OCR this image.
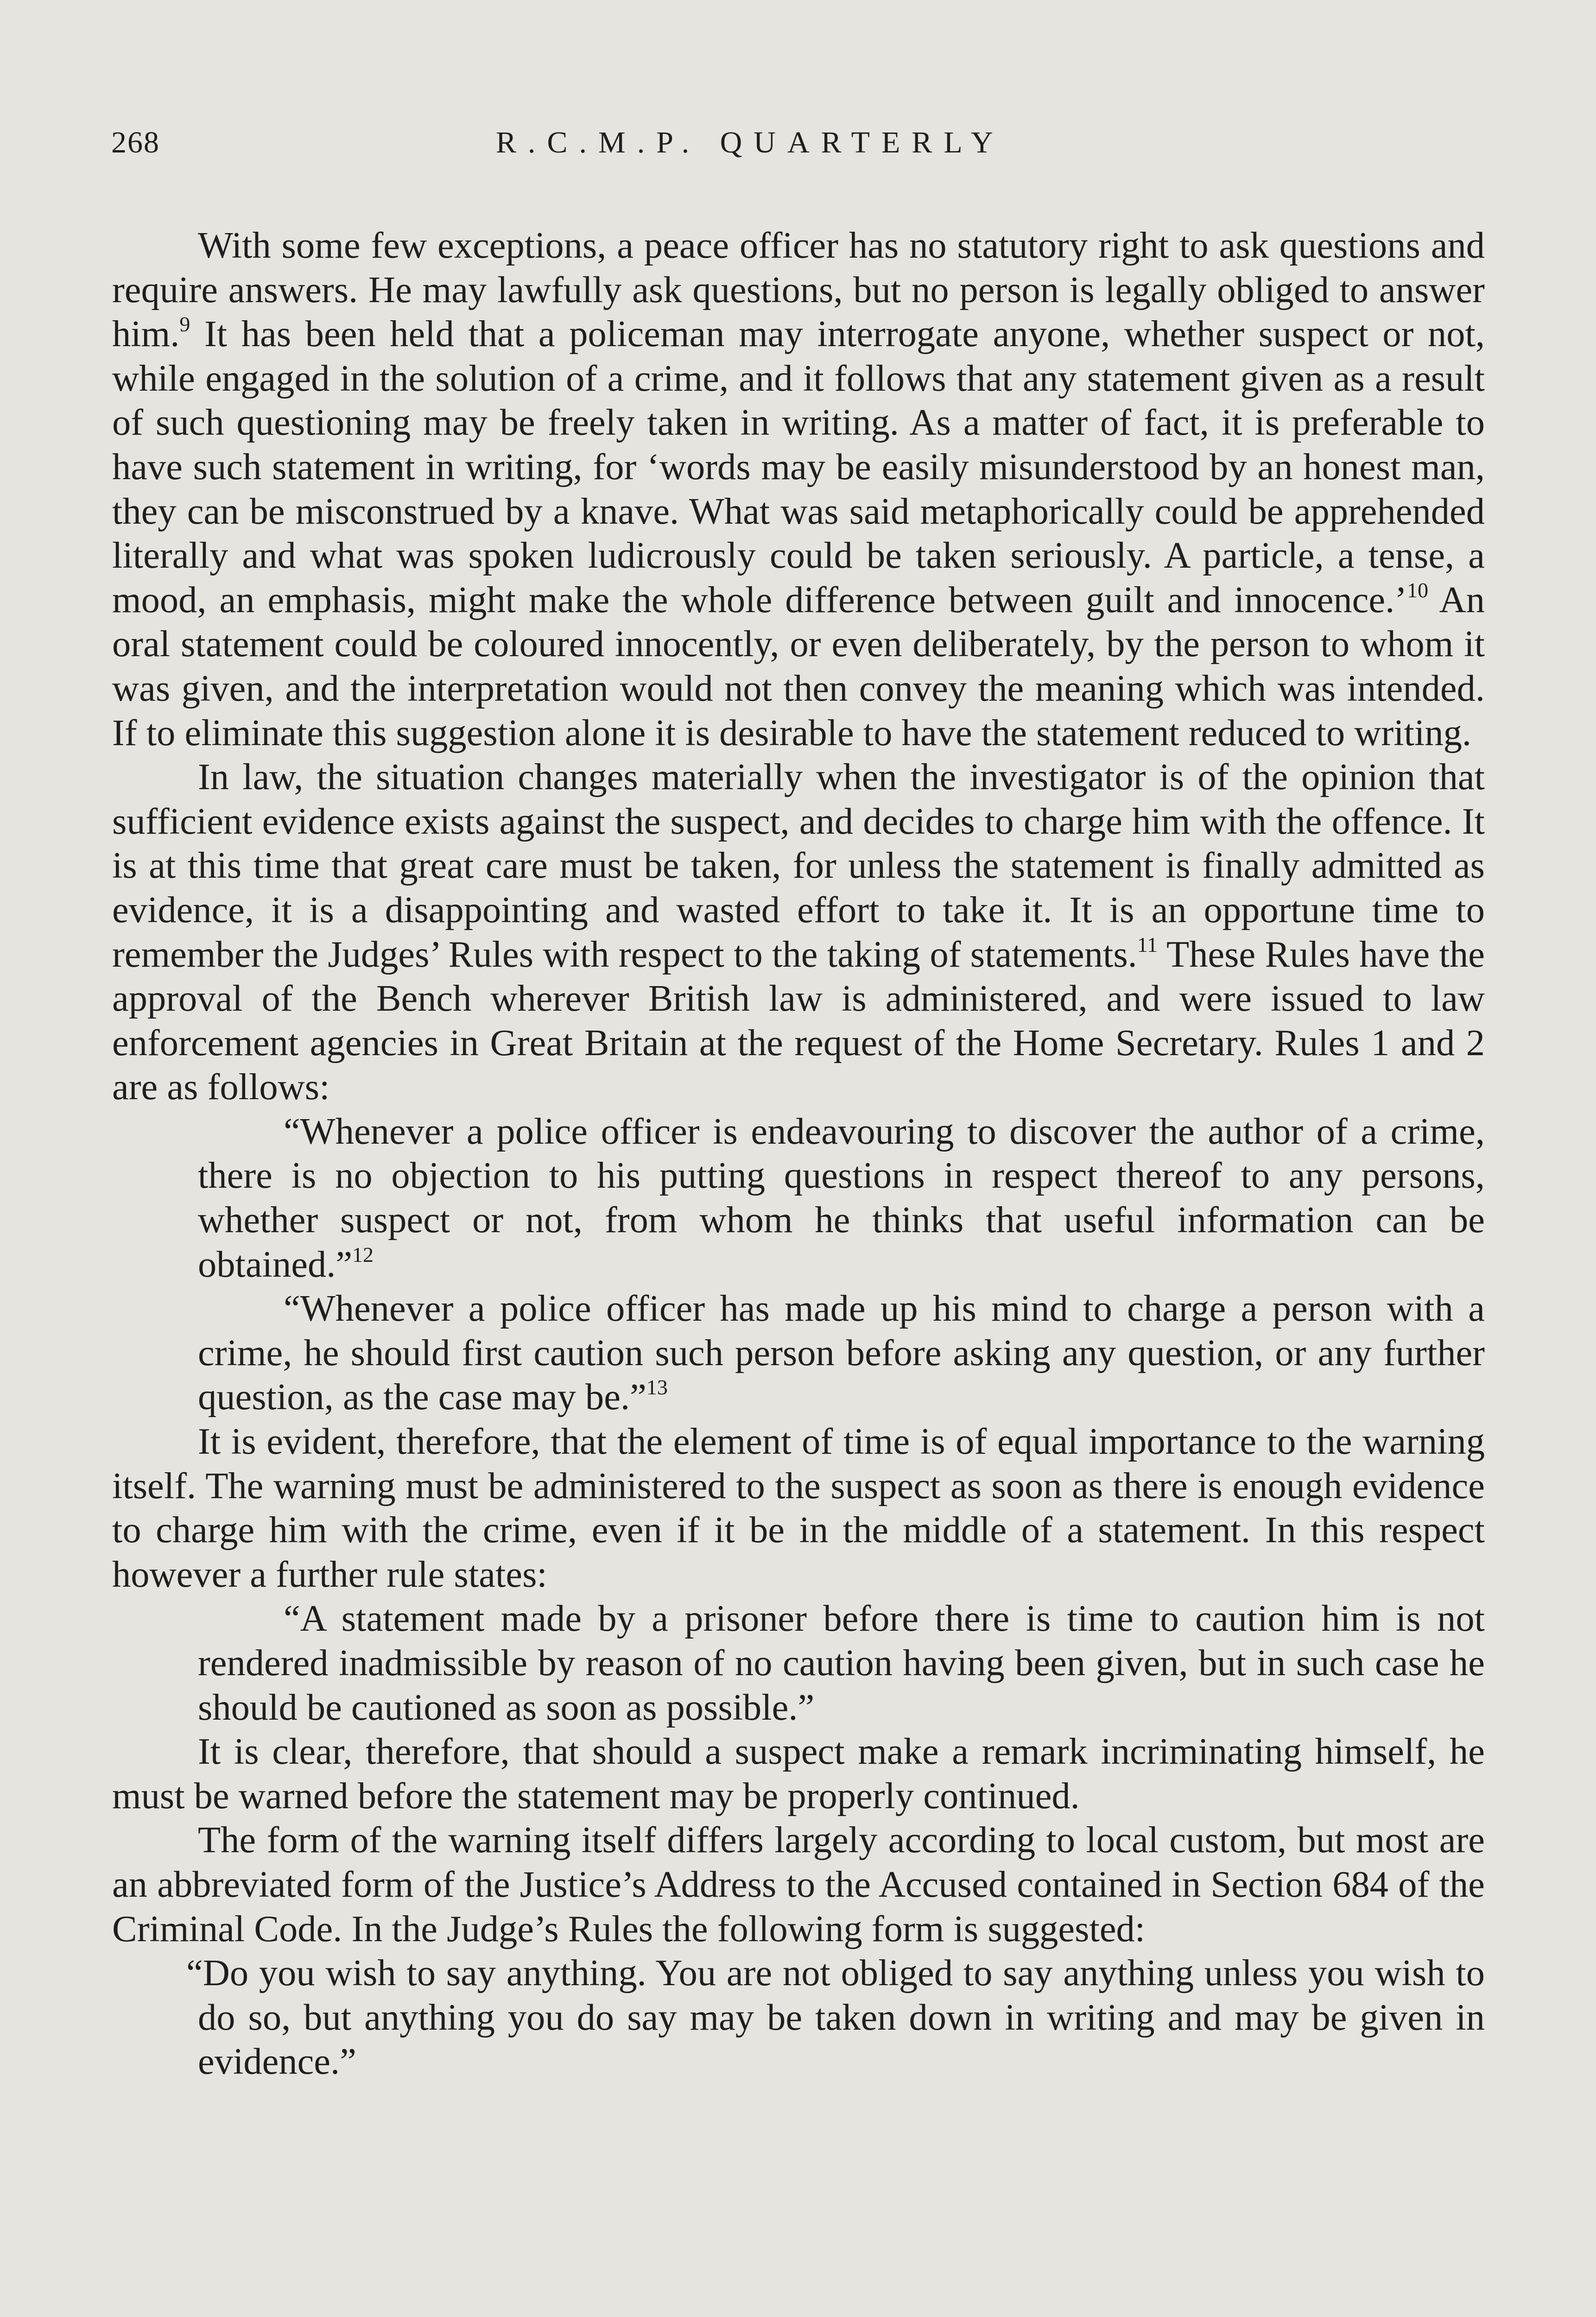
268	R.C.M.P. QUARTERLY

With some few exceptions, a peace officer has no statutory right to ask questions and require answers. He may lawfully ask questions, but no person is legally obliged to answer him.$^9$ It has been held that a policeman may interrogate anyone, whether suspect or not, while engaged in the solution of a crime, and it follows that any statement given as a result of such questioning may be freely taken in writing. As a matter of fact, it is preferable to have such statement in writing, for ‘words may be easily misunderstood by an honest man, they can be misconstrued by a knave. What was said metaphorically could be apprehended literally and what was spoken ludicrously could be taken seriously. A particle, a tense, a mood, an emphasis, might make the whole difference between guilt and innocence.’$^{10}$ An oral statement could be coloured innocently, or even deliberately, by the person to whom it was given, and the interpretation would not then convey the meaning which was intended. If to eliminate this suggestion alone it is desirable to have the statement reduced to writing.

In law, the situation changes materially when the investigator is of the opinion that sufficient evidence exists against the suspect, and decides to charge him with the offence. It is at this time that great care must be taken, for unless the statement is finally admitted as evidence, it is a disappointing and wasted effort to take it. It is an opportune time to remember the Judges’ Rules with respect to the taking of statements.$^{11}$ These Rules have the approval of the Bench wherever British law is administered, and were issued to law enforcement agencies in Great Britain at the request of the Home Secretary. Rules 1 and 2 are as follows:

“Whenever a police officer is endeavouring to discover the author of a crime, there is no objection to his putting questions in respect thereof to any persons, whether suspect or not, from whom he thinks that useful information can be obtained.”$^{12}$

“Whenever a police officer has made up his mind to charge a person with a crime, he should first caution such person before asking any question, or any further question, as the case may be.”$^{13}$

It is evident, therefore, that the element of time is of equal importance to the warning itself. The warning must be administered to the suspect as soon as there is enough evidence to charge him with the crime, even if it be in the middle of a statement. In this respect however a further rule states:

“A statement made by a prisoner before there is time to caution him is not rendered inadmissible by reason of no caution having been given, but in such case he should be cautioned as soon as possible.”

It is clear, therefore, that should a suspect make a remark incriminating himself, he must be warned before the statement may be properly continued.

The form of the warning itself differs largely according to local custom, but most are an abbreviated form of the Justice’s Address to the Accused contained in Section 684 of the Criminal Code. In the Judge’s Rules the following form is suggested:

“Do you wish to say anything. You are not obliged to say anything unless you wish to do so, but anything you do say may be taken down in writing and may be given in evidence.”
